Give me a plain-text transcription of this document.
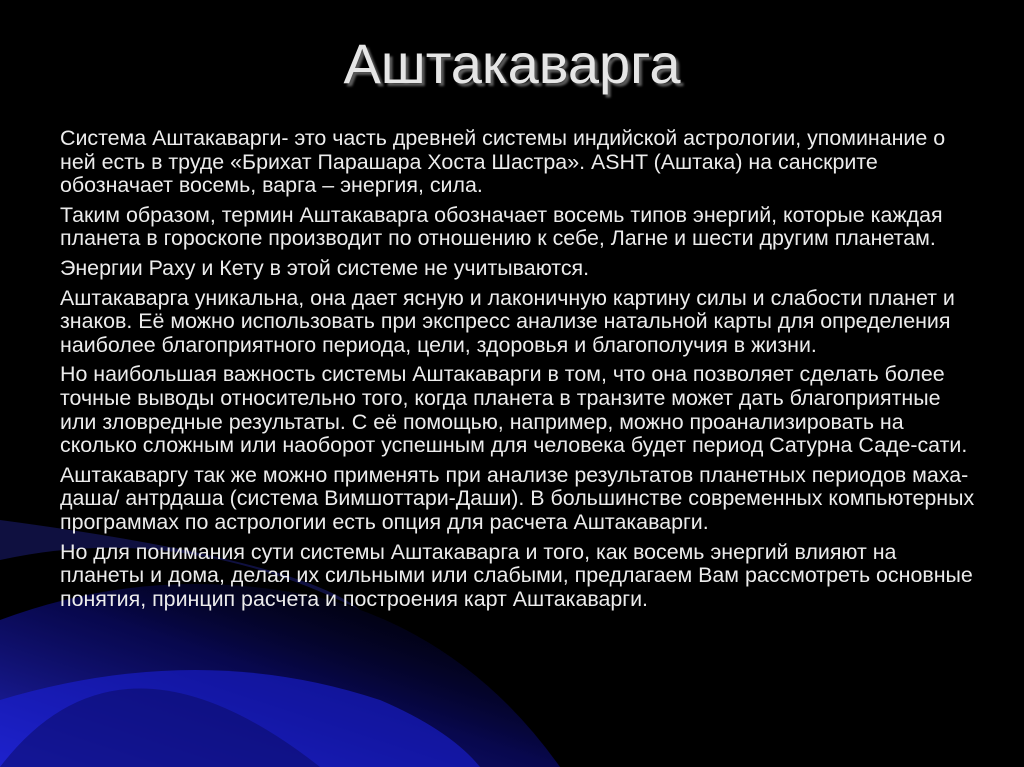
Аштакаварга

Система Аштакаварги- это часть древней системы индийской астрологии, упоминание о ней есть в труде «Брихат Парашара Хоста Шастра». ASHT (Аштака) на санскрите обозначает восемь, варга – энергия, сила.

Таким образом, термин Аштакаварга обозначает восемь типов энергий, которые каждая планета в гороскопе производит по отношению к себе, Лагне и шести другим планетам.

Энергии Раху и Кету в этой системе не учитываются.

Аштакаварга уникальна, она дает ясную и лаконичную картину силы и слабости планет и знаков. Её можно использовать при экспресс анализе натальной карты для определения наиболее благоприятного периода, цели, здоровья и благополучия в жизни.

Но наибольшая важность системы Аштакаварги в том, что она позволяет сделать более точные выводы относительно того, когда планета в транзите может дать благоприятные или зловредные результаты. С её помощью, например, можно проанализировать на сколько сложным или наоборот успешным для человека будет период Сатурна Саде-сати.

Аштакаваргу так же можно применять при анализе результатов планетных периодов маха-даша/ антрдаша (система Вимшоттари-Даши). В большинстве современных компьютерных программах по астрологии есть опция для расчета Аштакаварги.

Но для понимания сути системы Аштакаварга и того, как восемь энергий влияют на планеты и дома, делая их сильными или слабыми, предлагаем Вам рассмотреть основные понятия, принцип расчета и построения карт Аштакаварги.
